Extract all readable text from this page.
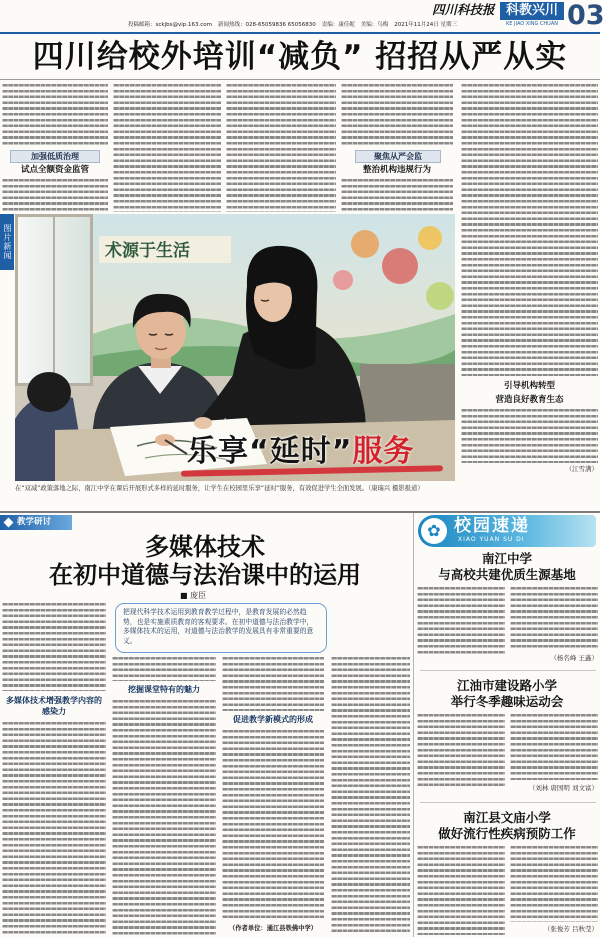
投稿邮箱：sckjbs@vip.163.com 新闻热线：028-65059836 65056830 责编：康佳妮 美编：乌梅 2021年11月24日 星期三
四川科技报 科教兴川
KE JIAO XING CHUAN 03
四川给校外培训“减负” 招招从严从实
加强低质治理
试点全额资金监管
聚焦从严会监
整治机构违规行为
引导机构转型
营造良好教育生态
（江雪满）
图片新闻	术源于生活
乐享“延时”服务
在“双减”政策落地之际，南江中学在课后开展形式多样的延时服务，让学生在校园里乐享“延时”服务，有效促进学生全面发展。（康瑞兴 摄影报道）
教学研讨
多媒体技术
在初中道德与法治课中的运用
■ 庞臣
把现代科学技术运用到教育教学过程中，是教育发展的必然趋势，也是实施素质教育的客观要求。在初中道德与法治教学中，多媒体技术的运用，对道德与法治教学的发展具有非常重要的意义。
多媒体技术增强教学内容的感染力
挖掘课堂特有的魅力
促进教学新模式的形成
（作者单位：通江县铁佛中学）
✿ 校园速递
XIAO YUAN SU DI
南江中学
与高校共建优质生源基地
（杨名峰 王鑫）
江油市建设路小学
举行冬季趣味运动会
（刘林 唐国明 刘文富）
南江县文庙小学
做好流行性疾病预防工作
（张俊芳 吕秋莹）
